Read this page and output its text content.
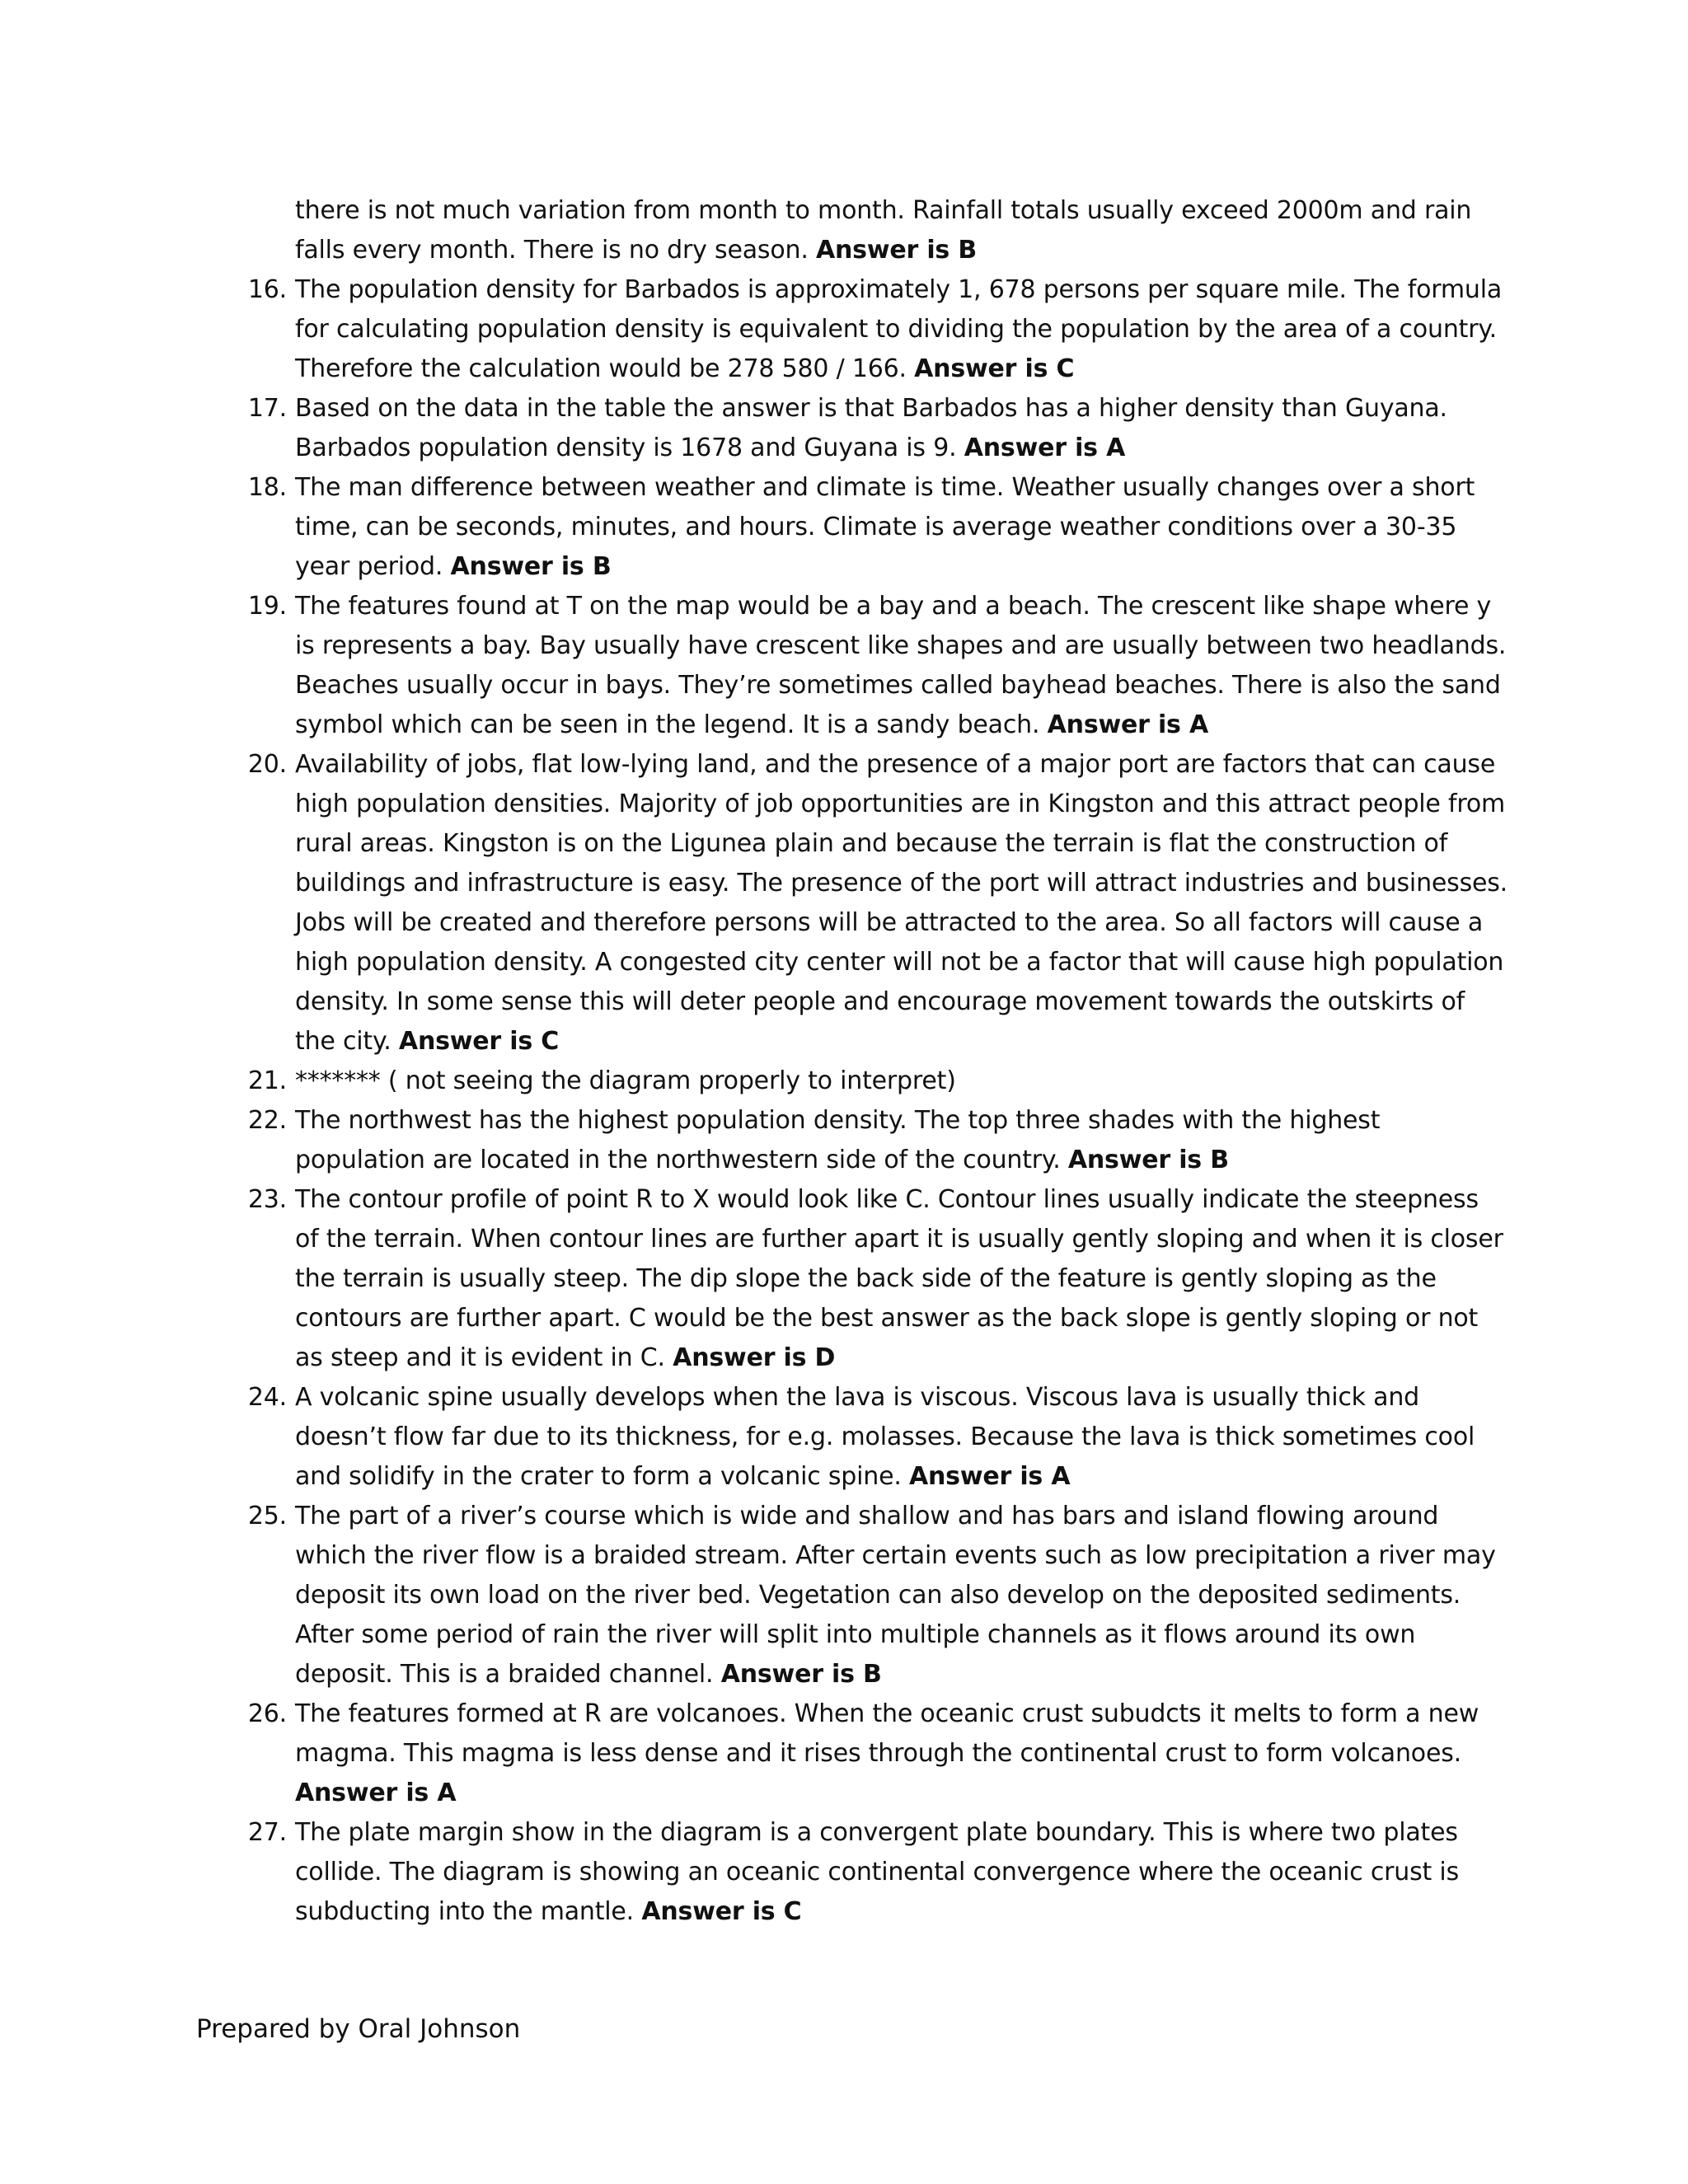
there is not much variation from month to month. Rainfall totals usually exceed 2000m and rain falls every month. There is no dry season. Answer is B

16. The population density for Barbados is approximately 1, 678 persons per square mile. The formula for calculating population density is equivalent to dividing the population by the area of a country. Therefore the calculation would be 278 580 / 166. Answer is C

17. Based on the data in the table the answer is that Barbados has a higher density than Guyana. Barbados population density is 1678 and Guyana is 9. Answer is A

18. The man difference between weather and climate is time. Weather usually changes over a short time, can be seconds, minutes, and hours. Climate is average weather conditions over a 30-35 year period. Answer is B

19. The features found at T on the map would be a bay and a beach. The crescent like shape where y is represents a bay. Bay usually have crescent like shapes and are usually between two headlands. Beaches usually occur in bays. They’re sometimes called bayhead beaches. There is also the sand symbol which can be seen in the legend. It is a sandy beach. Answer is A

20. Availability of jobs, flat low-lying land, and the presence of a major port are factors that can cause high population densities. Majority of job opportunities are in Kingston and this attract people from rural areas. Kingston is on the Ligunea plain and because the terrain is flat the construction of buildings and infrastructure is easy. The presence of the port will attract industries and businesses. Jobs will be created and therefore persons will be attracted to the area. So all factors will cause a high population density. A congested city center will not be a factor that will cause high population density. In some sense this will deter people and encourage movement towards the outskirts of the city. Answer is C

21. ******* ( not seeing the diagram properly to interpret)

22. The northwest has the highest population density. The top three shades with the highest population are located in the northwestern side of the country. Answer is B

23. The contour profile of point R to X would look like C. Contour lines usually indicate the steepness of the terrain. When contour lines are further apart it is usually gently sloping and when it is closer the terrain is usually steep. The dip slope the back side of the feature is gently sloping as the contours are further apart. C would be the best answer as the back slope is gently sloping or not as steep and it is evident in C. Answer is D

24. A volcanic spine usually develops when the lava is viscous. Viscous lava is usually thick and doesn’t flow far due to its thickness, for e.g. molasses. Because the lava is thick sometimes cool and solidify in the crater to form a volcanic spine. Answer is A

25. The part of a river’s course which is wide and shallow and has bars and island flowing around which the river flow is a braided stream. After certain events such as low precipitation a river may deposit its own load on the river bed. Vegetation can also develop on the deposited sediments. After some period of rain the river will split into multiple channels as it flows around its own deposit. This is a braided channel. Answer is B

26. The features formed at R are volcanoes. When the oceanic crust subudcts it melts to form a new magma. This magma is less dense and it rises through the continental crust to form volcanoes. Answer is A

27. The plate margin show in the diagram is a convergent plate boundary. This is where two plates collide. The diagram is showing an oceanic continental convergence where the oceanic crust is subducting into the mantle. Answer is C

Prepared by Oral Johnson
